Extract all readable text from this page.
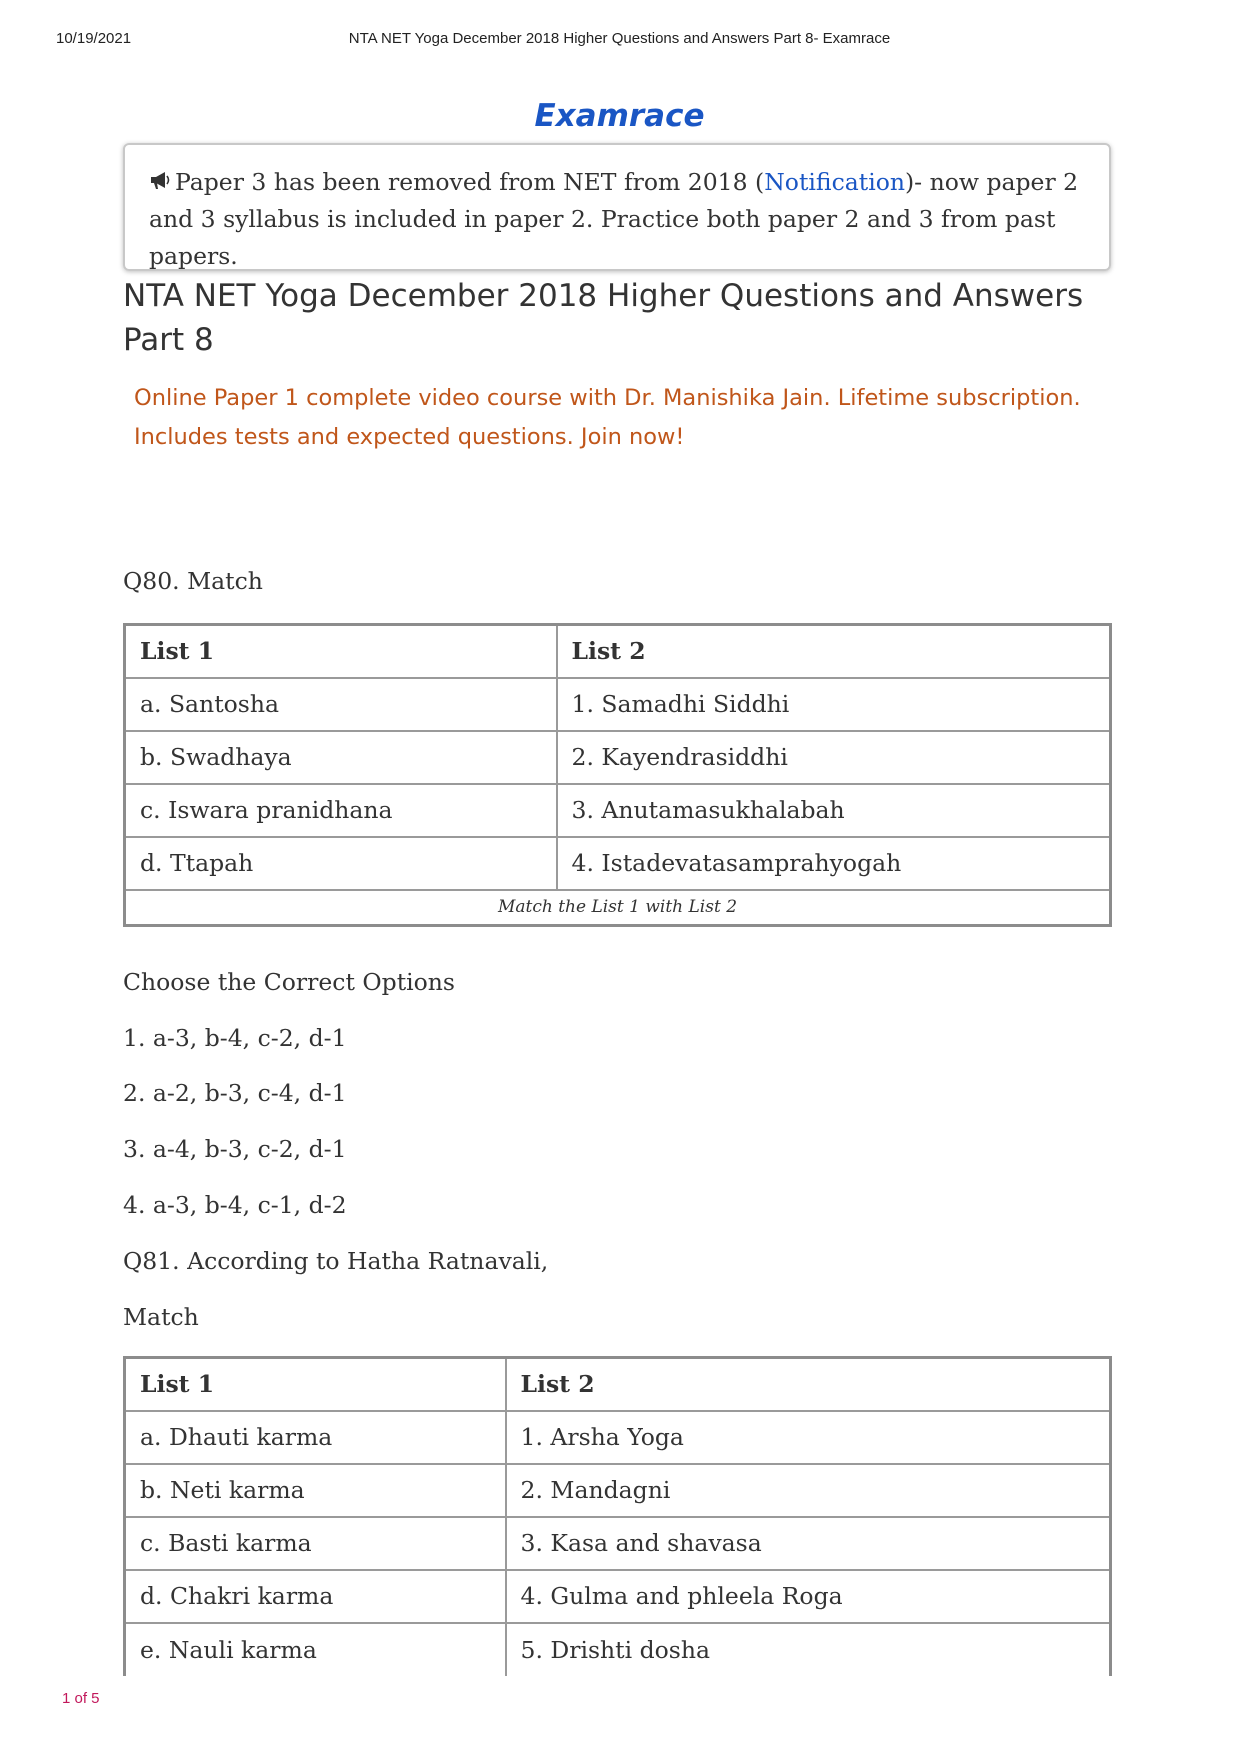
10/19/2021	NTA NET Yoga December 2018 Higher Questions and Answers Part 8- Examrace
Examrace
Paper 3 has been removed from NET from 2018 (Notification)- now paper 2 and 3 syllabus is included in paper 2. Practice both paper 2 and 3 from past papers.
NTA NET Yoga December 2018 Higher Questions and Answers Part 8
Online Paper 1 complete video course with Dr. Manishika Jain. Lifetime subscription. Includes tests and expected questions. Join now!
Q80. Match
List 1	List 2
a. Santosha	1. Samadhi Siddhi
b. Swadhaya	2. Kayendrasiddhi
c. Iswara pranidhana	3. Anutamasukhalabah
d. Ttapah	4. Istadevatasamprahyogah
Match the List 1 with List 2	
Choose the Correct Options
1. a-3, b-4, c-2, d-1
2. a-2, b-3, c-4, d-1
3. a-4, b-3, c-2, d-1
4. a-3, b-4, c-1, d-2
Q81. According to Hatha Ratnavali,
Match
List 1	List 2
a. Dhauti karma	1. Arsha Yoga
b. Neti karma	2. Mandagni
c. Basti karma	3. Kasa and shavasa
d. Chakri karma	4. Gulma and phleela Roga
e. Nauli karma	5. Drishti dosha
1 of 5
